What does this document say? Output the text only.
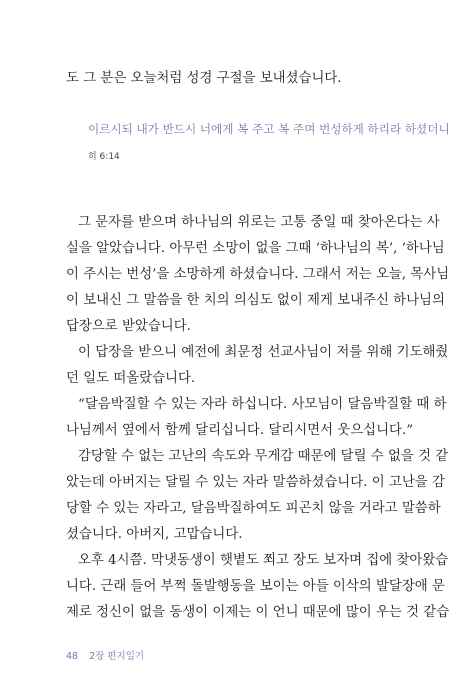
도 그 분은 오늘처럼 성경 구절을 보내셨습니다.
이르시되 내가 반드시 너에게 복 주고 복 주며 번성하게 하리라 하셨더니
히 6:14
그 문자를 받으며 하나님의 위로는 고통 중일 때 찾아온다는 사
실을 알았습니다. 아무런 소망이 없을 그때 ‘하나님의 복’, ‘하나님
이 주시는 번성’을 소망하게 하셨습니다. 그래서 저는 오늘, 목사님
이 보내신 그 말씀을 한 치의 의심도 없이 제게 보내주신 하나님의
답장으로 받았습니다.
이 답장을 받으니 예전에 최문정 선교사님이 저를 위해 기도해줬
던 일도 떠올랐습니다.
“달음박질할 수 있는 자라 하십니다. 사모님이 달음박질할 때 하
나님께서 옆에서 함께 달리십니다. 달리시면서 웃으십니다.”
감당할 수 없는 고난의 속도와 무게감 때문에 달릴 수 없을 것 같
았는데 아버지는 달릴 수 있는 자라 말씀하셨습니다. 이 고난을 감
당할 수 있는 자라고, 달음박질하여도 피곤치 않을 거라고 말씀하
셨습니다. 아버지, 고맙습니다.
오후 4시쯤. 막냇동생이 햇볕도 쬐고 장도 보자며 집에 찾아왔습
니다. 근래 들어 부쩍 돌발행동을 보이는 아들 이삭의 발달장애 문
제로 정신이 없을 동생이 이제는 이 언니 때문에 많이 우는 것 같습
48 2장 편지일기
